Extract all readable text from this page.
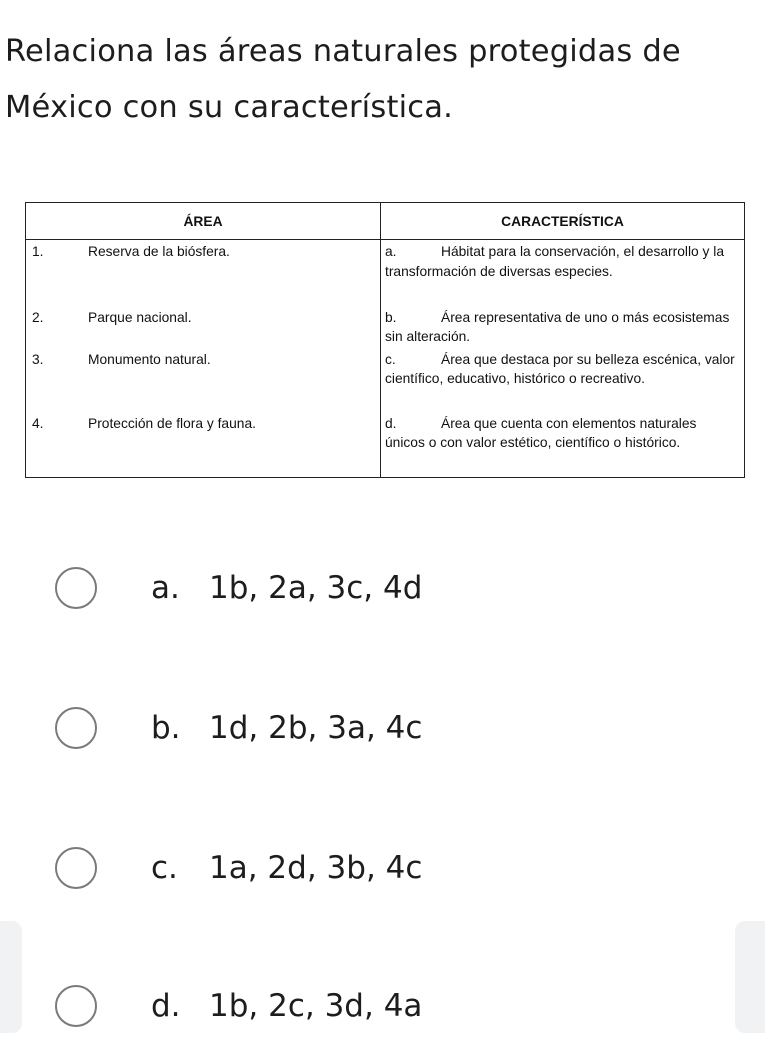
Relaciona las áreas naturales protegidas de México con su característica.
ÁREA	CARACTERÍSTICA
1. Reserva de la biósfera.	a. Hábitat para la conservación, el desarrollo y la transformación de diversas especies.
2. Parque nacional.	b. Área representativa de uno o más ecosistemas sin alteración.
3. Monumento natural.	c. Área que destaca por su belleza escénica, valor científico, educativo, histórico o recreativo.
4. Protección de flora y fauna.	d. Área que cuenta con elementos naturales únicos o con valor estético, científico o histórico.
a. 1b, 2a, 3c, 4d
b. 1d, 2b, 3a, 4c
c.	1a, 2d, 3b, 4c
d. 1b, 2c, 3d, 4a
